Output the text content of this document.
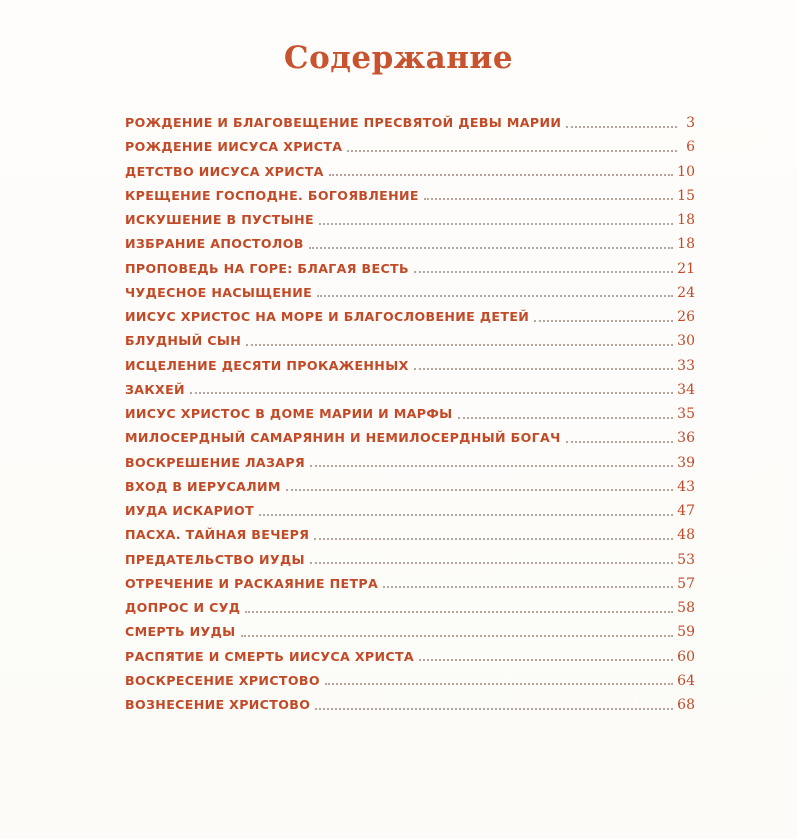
Содержание
РОЖДЕНИЕ И БЛАГОВЕЩЕНИЕ ПРЕСВЯТОЙ ДЕВЫ МАРИИ	3
РОЖДЕНИЕ ИИСУСА ХРИСТА	6
ДЕТСТВО ИИСУСА ХРИСТА	10
КРЕЩЕНИЕ ГОСПОДНЕ. БОГОЯВЛЕНИЕ	15
ИСКУШЕНИЕ В ПУСТЫНЕ	18
ИЗБРАНИЕ АПОСТОЛОВ	18
ПРОПОВЕДЬ НА ГОРЕ: БЛАГАЯ ВЕСТЬ	21
ЧУДЕСНОЕ НАСЫЩЕНИЕ	24
ИИСУС ХРИСТОС НА МОРЕ И БЛАГОСЛОВЕНИЕ ДЕТЕЙ	26
БЛУДНЫЙ СЫН	30
ИСЦЕЛЕНИЕ ДЕСЯТИ ПРОКАЖЕННЫХ	33
ЗАКХЕЙ	34
ИИСУС ХРИСТОС В ДОМЕ МАРИИ И МАРФЫ	35
МИЛОСЕРДНЫЙ САМАРЯНИН И НЕМИЛОСЕРДНЫЙ БОГАЧ	36
ВОСКРЕШЕНИЕ ЛАЗАРЯ	39
ВХОД В ИЕРУСАЛИМ	43
ИУДА ИСКАРИОТ	47
ПАСХА. ТАЙНАЯ ВЕЧЕРЯ	48
ПРЕДАТЕЛЬСТВО ИУДЫ	53
ОТРЕЧЕНИЕ И РАСКАЯНИЕ ПЕТРА	57
ДОПРОС И СУД	58
СМЕРТЬ ИУДЫ	59
РАСПЯТИЕ И СМЕРТЬ ИИСУСА ХРИСТА	60
ВОСКРЕСЕНИЕ ХРИСТОВО	64
ВОЗНЕСЕНИЕ ХРИСТОВО	68
